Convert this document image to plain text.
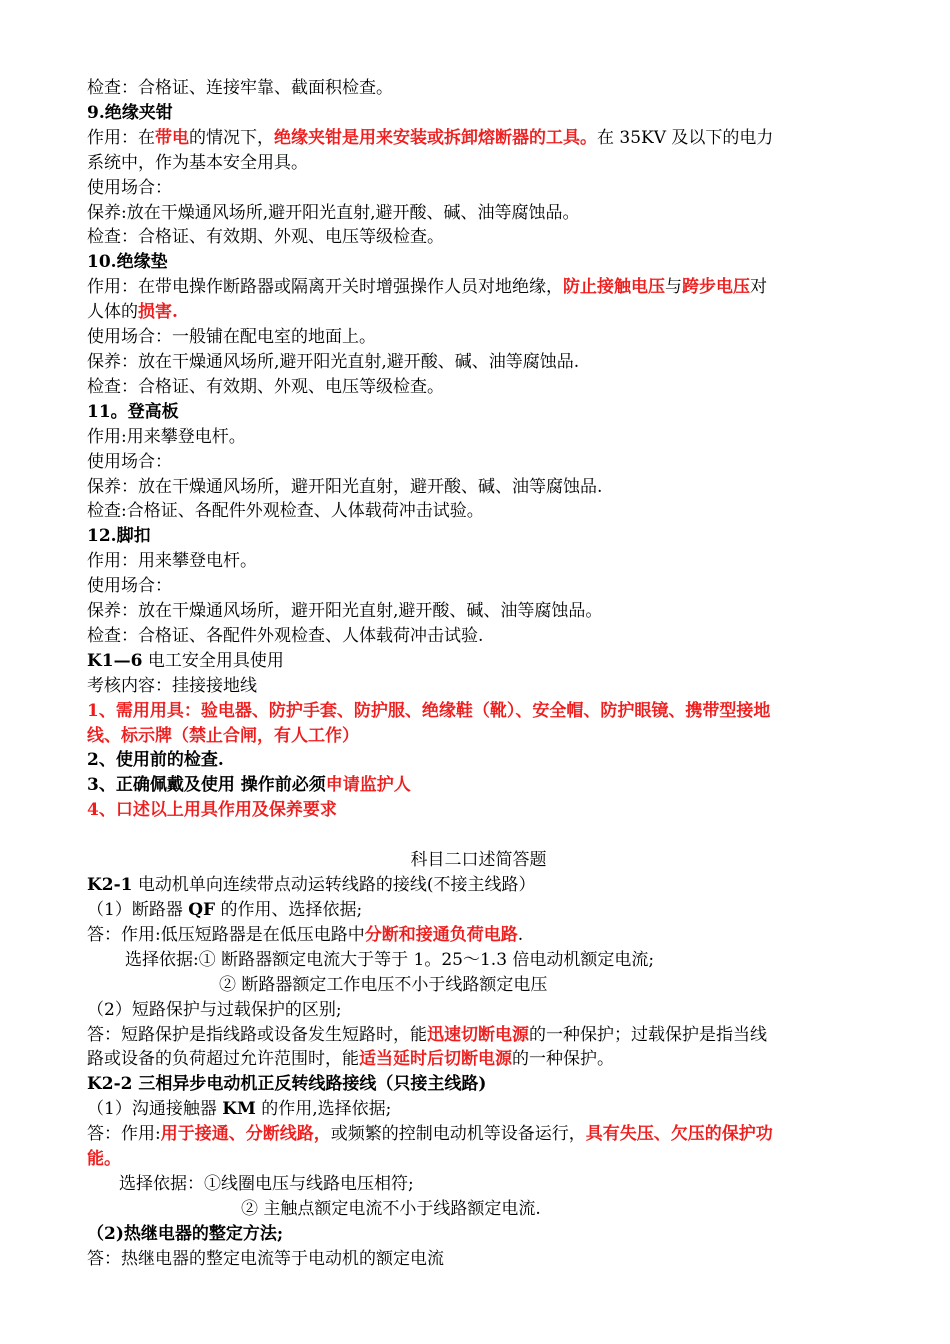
检查：合格证、连接牢靠、截面积检查。
9.绝缘夹钳
作用：在带电的情况下，绝缘夹钳是用来安装或拆卸熔断器的工具。在 35KV 及以下的电力
系统中，作为基本安全用具。
使用场合：
保养:放在干燥通风场所,避开阳光直射,避开酸、碱、油等腐蚀品。
检查：合格证、有效期、外观、电压等级检查。
10.绝缘垫
作用：在带电操作断路器或隔离开关时增强操作人员对地绝缘，防止接触电压与跨步电压对
人体的损害.
使用场合：一般铺在配电室的地面上。
保养：放在干燥通风场所,避开阳光直射,避开酸、碱、油等腐蚀品.
检查：合格证、有效期、外观、电压等级检查。
11。登高板
作用:用来攀登电杆。
使用场合：
保养：放在干燥通风场所，避开阳光直射，避开酸、碱、油等腐蚀品.
检查:合格证、各配件外观检查、人体载荷冲击试验。
12.脚扣
作用：用来攀登电杆。
使用场合：
保养：放在干燥通风场所，避开阳光直射,避开酸、碱、油等腐蚀品。
检查：合格证、各配件外观检查、人体载荷冲击试验.
K1—6 电工安全用具使用
考核内容：挂接接地线
1、需用用具：验电器、防护手套、防护服、绝缘鞋（靴）、安全帽、防护眼镜、携带型接地
线、标示牌（禁止合闸，有人工作）
2、使用前的检查.
3、正确佩戴及使用 操作前必须申请监护人
4、口述以上用具作用及保养要求
科目二口述简答题
K2-1 电动机单向连续带点动运转线路的接线(不接主线路）
（1）断路器 QF 的作用、选择依据;
答：作用:低压短路器是在低压电路中分断和接通负荷电路.
选择依据:① 断路器额定电流大于等于 1。25～1.3 倍电动机额定电流;
② 断路器额定工作电压不小于线路额定电压
（2）短路保护与过载保护的区别;
答：短路保护是指线路或设备发生短路时，能迅速切断电源的一种保护；过载保护是指当线
路或设备的负荷超过允许范围时，能适当延时后切断电源的一种保护。
K2-2 三相异步电动机正反转线路接线（只接主线路)
（1）沟通接触器 KM 的作用,选择依据;
答：作用:用于接通、分断线路，或频繁的控制电动机等设备运行，具有失压、欠压的保护功
能。
选择依据：①线圈电压与线路电压相符;
② 主触点额定电流不小于线路额定电流.
（2)热继电器的整定方法;
答：热继电器的整定电流等于电动机的额定电流
